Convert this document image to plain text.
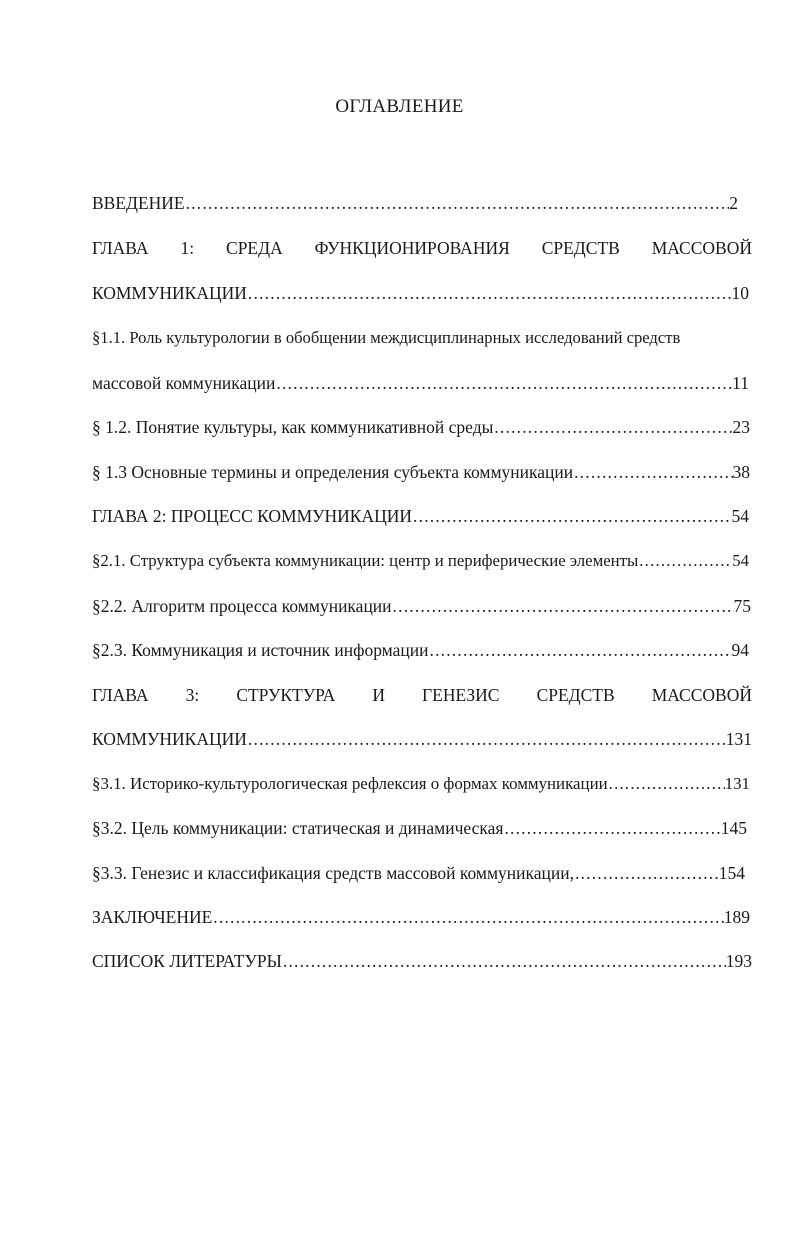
ОГЛАВЛЕНИЕ
ВВЕДЕНИЕ .....	2
ГЛАВА 1: СРЕДА ФУНКЦИОНИРОВАНИЯ СРЕДСТВ МАССОВОЙ
КОММУНИКАЦИИ .....	10
§1.1. Роль культурологии в обобщении междисциплинарных исследований средств
массовой коммуникации .....	11
§ 1.2. Понятие культуры, как коммуникативной среды .....	23
§ 1.3 Основные термины и определения субъекта коммуникации .....	38
ГЛАВА 2: ПРОЦЕСС КОММУНИКАЦИИ .....	54
§2.1. Структура субъекта коммуникации: центр и периферические элементы .....	54
§2.2. Алгоритм процесса коммуникации .....	75
§2.3. Коммуникация и источник информации .....	94
ГЛАВА 3: СТРУКТУРА И ГЕНЕЗИС СРЕДСТВ МАССОВОЙ
КОММУНИКАЦИИ .....	131
§3.1. Историко-культурологическая рефлексия о формах коммуникации .....	131
§3.2. Цель коммуникации: статическая и динамическая .....	145
§3.3. Генезис и классификация средств массовой коммуникации, .....	154
ЗАКЛЮЧЕНИЕ .....	189
СПИСОК ЛИТЕРАТУРЫ .....	193
